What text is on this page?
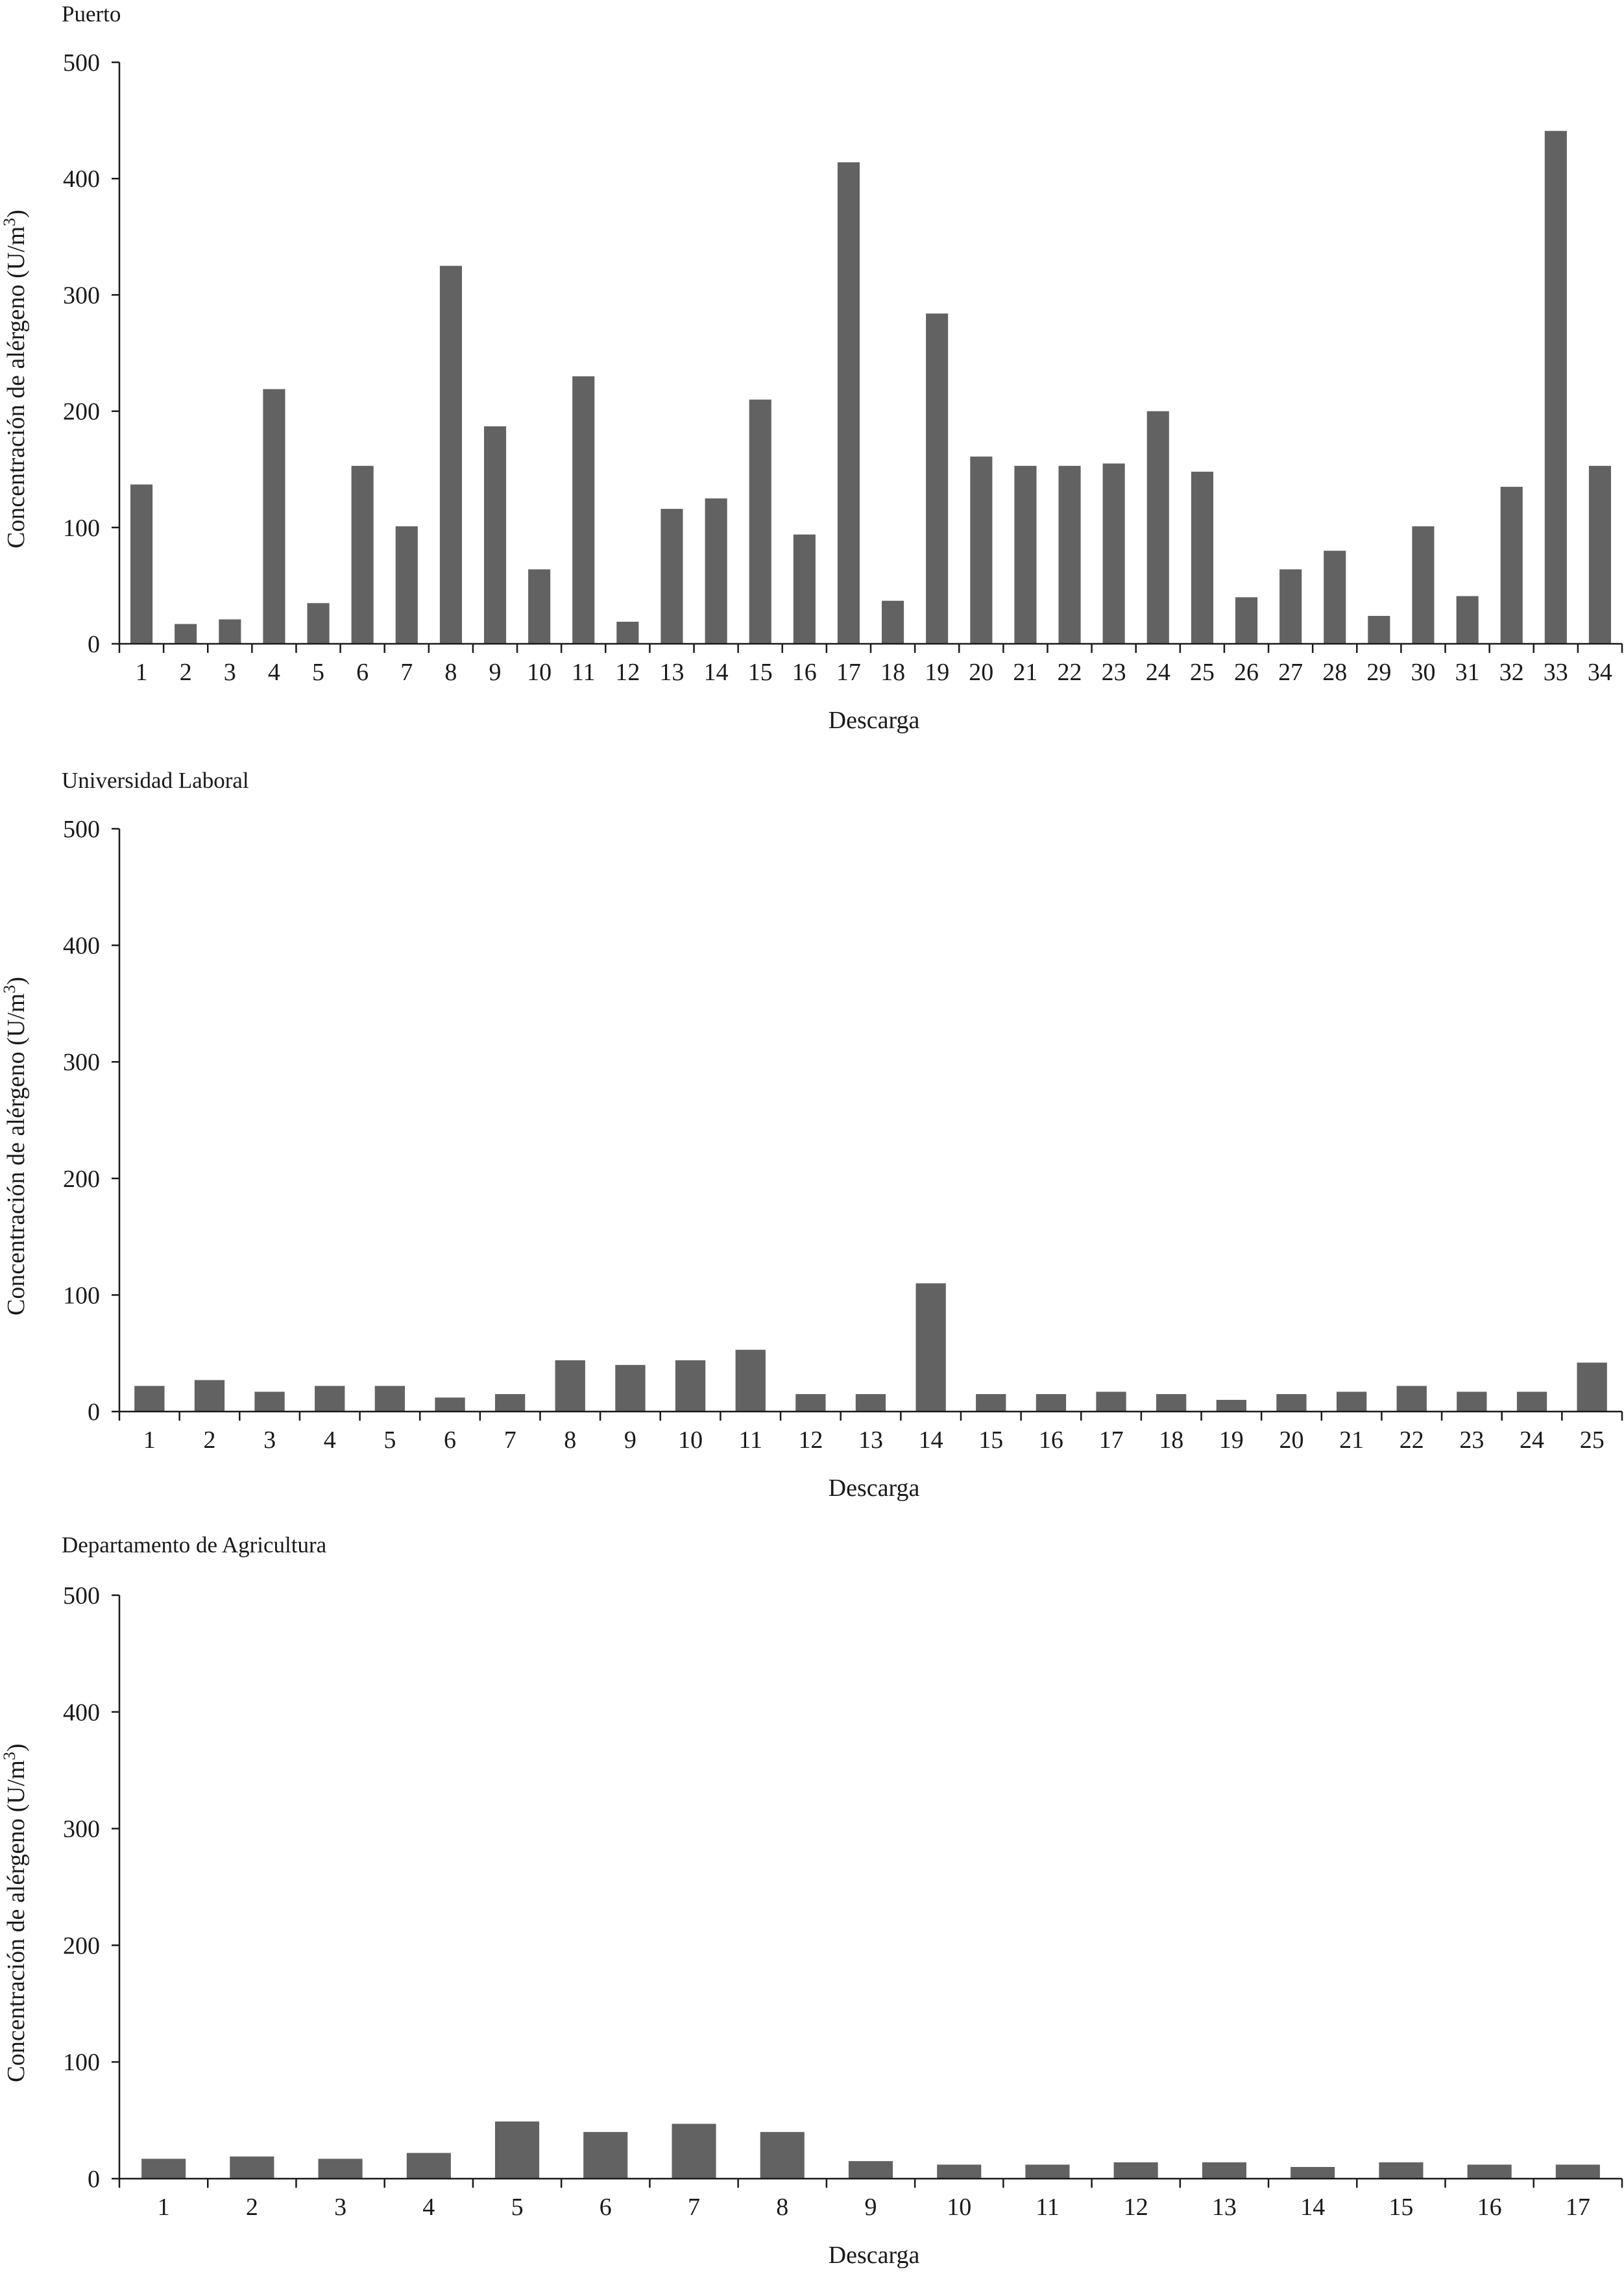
Puerto
0
100
200
300
400
500
1 2 3 4 5 6 7 8 9 10 11 12 13 14 15 16 17 18 19 20 21 22 23 24 25 26 27 28 29 30 31 32 33 34
Descarga
Concentración de alérgeno $(U/m^3)$
Universidad Laboral
0
100
200
300
400
500
1 2 3 4 5 6 7 8 9 10 11 12 13 14 15 16 17 18 19 20 21 22 23 24 25
Descarga
Concentración de alérgeno $(U/m^3)$
Departamento de Agricultura
0
100
200
300
400
500
1	2	3	4	5	6	7	8	9	10	11	12	13	14	15	16	17
Descarga
Concentración de alérgeno $(U/m^3)$
